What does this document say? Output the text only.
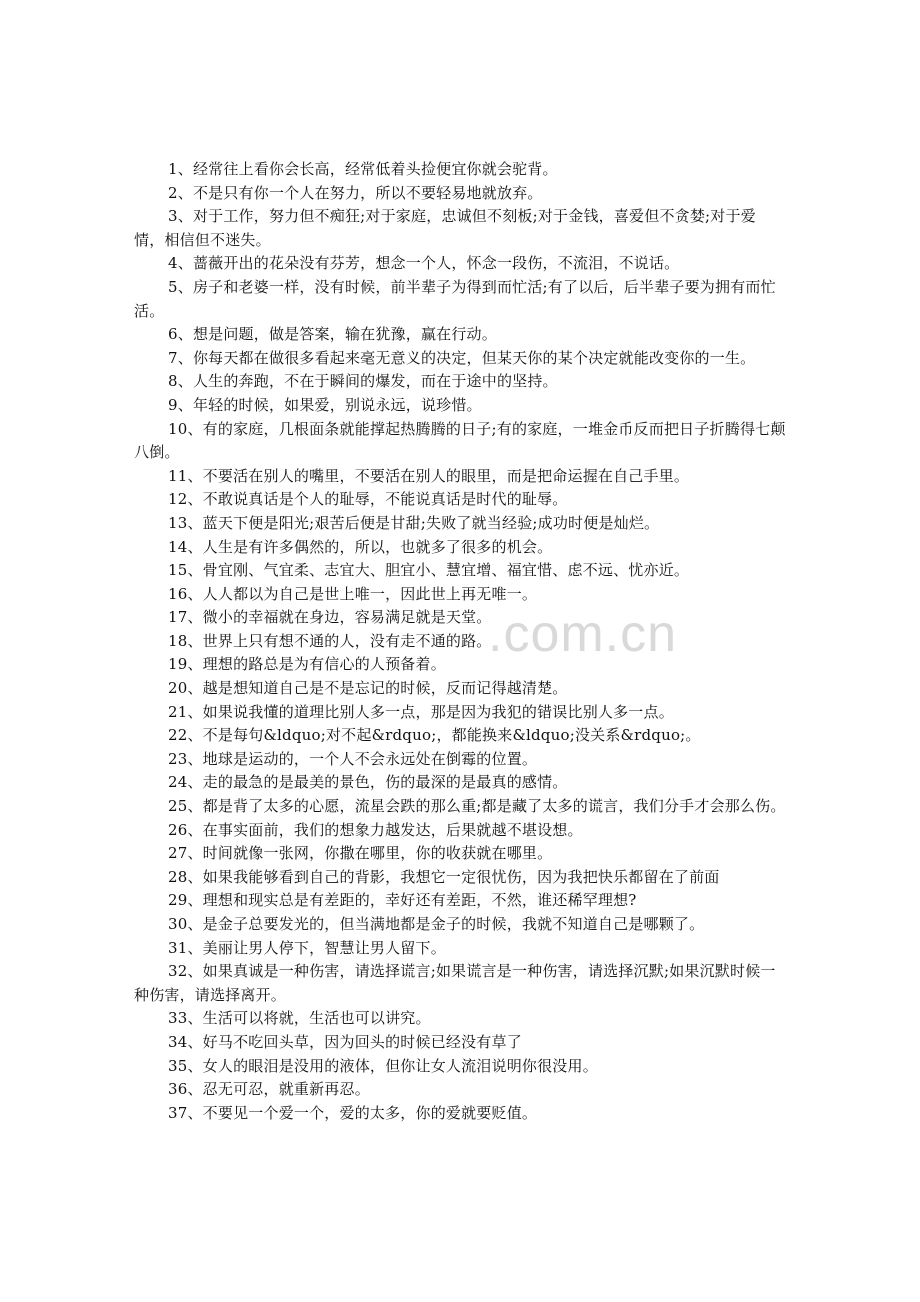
.com.cn

1、经常往上看你会长高，经常低着头捡便宜你就会驼背。

2、不是只有你一个人在努力，所以不要轻易地就放弃。

3、对于工作，努力但不痴狂;对于家庭，忠诚但不刻板;对于金钱，喜爱但不贪婪;对于爱情，相信但不迷失。

4、蔷薇开出的花朵没有芬芳，想念一个人，怀念一段伤，不流泪，不说话。

5、房子和老婆一样，没有时候，前半辈子为得到而忙活;有了以后，后半辈子要为拥有而忙活。

6、想是问题，做是答案，输在犹豫，赢在行动。

7、你每天都在做很多看起来毫无意义的决定，但某天你的某个决定就能改变你的一生。

8、人生的奔跑，不在于瞬间的爆发，而在于途中的坚持。

9、年轻的时候，如果爱，别说永远，说珍惜。

10、有的家庭，几根面条就能撑起热腾腾的日子;有的家庭，一堆金币反而把日子折腾得七颠八倒。

11、不要活在别人的嘴里，不要活在别人的眼里，而是把命运握在自己手里。

12、不敢说真话是个人的耻辱，不能说真话是时代的耻辱。

13、蓝天下便是阳光;艰苦后便是甘甜;失败了就当经验;成功时便是灿烂。

14、人生是有许多偶然的，所以，也就多了很多的机会。

15、骨宜刚、气宜柔、志宜大、胆宜小、慧宜增、福宜惜、虑不远、忧亦近。

16、人人都以为自己是世上唯一，因此世上再无唯一。

17、微小的幸福就在身边，容易满足就是天堂。

18、世界上只有想不通的人，没有走不通的路。

19、理想的路总是为有信心的人预备着。

20、越是想知道自己是不是忘记的时候，反而记得越清楚。

21、如果说我懂的道理比别人多一点，那是因为我犯的错误比别人多一点。

22、不是每句&ldquo;对不起&rdquo;，都能换来&ldquo;没关系&rdquo;。

23、地球是运动的，一个人不会永远处在倒霉的位置。

24、走的最急的是最美的景色，伤的最深的是最真的感情。

25、都是背了太多的心愿，流星会跌的那么重;都是藏了太多的谎言，我们分手才会那么伤。

26、在事实面前，我们的想象力越发达，后果就越不堪设想。

27、时间就像一张网，你撒在哪里，你的收获就在哪里。

28、如果我能够看到自己的背影，我想它一定很忧伤，因为我把快乐都留在了前面

29、理想和现实总是有差距的，幸好还有差距，不然，谁还稀罕理想?

30、是金子总要发光的，但当满地都是金子的时候，我就不知道自己是哪颗了。

31、美丽让男人停下，智慧让男人留下。

32、如果真诚是一种伤害，请选择谎言;如果谎言是一种伤害，请选择沉默;如果沉默时候一种伤害，请选择离开。

33、生活可以将就，生活也可以讲究。

34、好马不吃回头草，因为回头的时候已经没有草了

35、女人的眼泪是没用的液体，但你让女人流泪说明你很没用。

36、忍无可忍，就重新再忍。

37、不要见一个爱一个，爱的太多，你的爱就要贬值。
